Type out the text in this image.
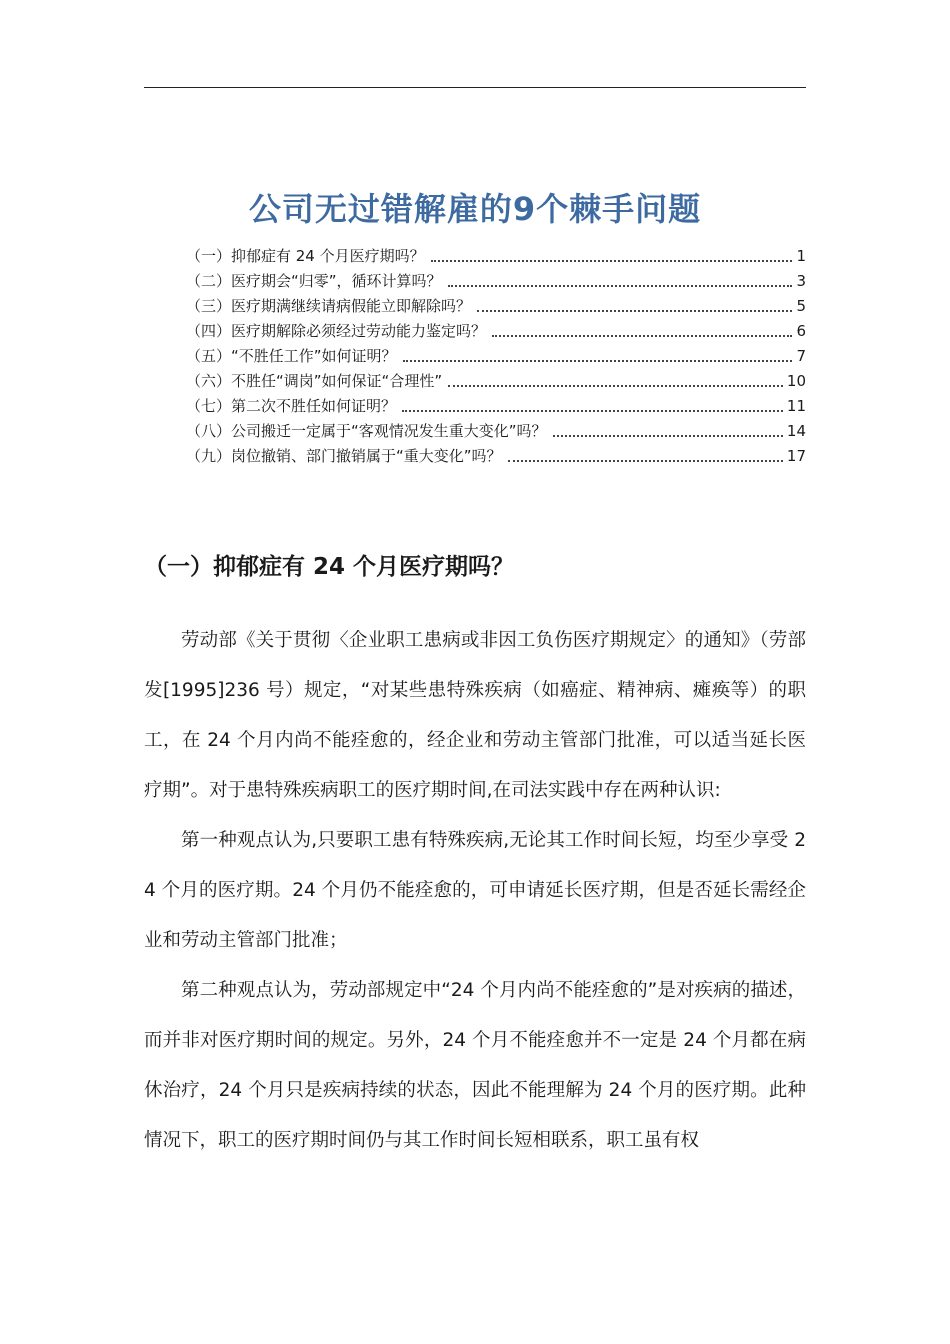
公司无过错解雇的9个棘手问题
（一）抑郁症有 24 个月医疗期吗？	1
（二）医疗期会“归零”，循环计算吗？	3
（三）医疗期满继续请病假能立即解除吗？	5
（四）医疗期解除必须经过劳动能力鉴定吗？	6
（五）“不胜任工作”如何证明？	7
（六）不胜任“调岗”如何保证“合理性”	10
（七）第二次不胜任如何证明？	11
（八）公司搬迁一定属于“客观情况发生重大变化”吗？	14
（九）岗位撤销、部门撤销属于“重大变化”吗？	17
（一）抑郁症有 24 个月医疗期吗？

劳动部《关于贯彻〈企业职工患病或非因工负伤医疗期规定〉的通知》（劳部发[1995]236 号）规定，“对某些患特殊疾病（如癌症、精神病、瘫痪等）的职工，在 24 个月内尚不能痊愈的，经企业和劳动主管部门批准，可以适当延长医疗期”。对于患特殊疾病职工的医疗期时间,在司法实践中存在两种认识:

第一种观点认为,只要职工患有特殊疾病,无论其工作时间长短，均至少享受 24 个月的医疗期。24 个月仍不能痊愈的，可申请延长医疗期，但是否延长需经企业和劳动主管部门批准；

第二种观点认为，劳动部规定中“24 个月内尚不能痊愈的”是对疾病的描述，而并非对医疗期时间的规定。另外，24 个月不能痊愈并不一定是 24 个月都在病休治疗，24 个月只是疾病持续的状态，因此不能理解为 24 个月的医疗期。此种情况下，职工的医疗期时间仍与其工作时间长短相联系，职工虽有权
